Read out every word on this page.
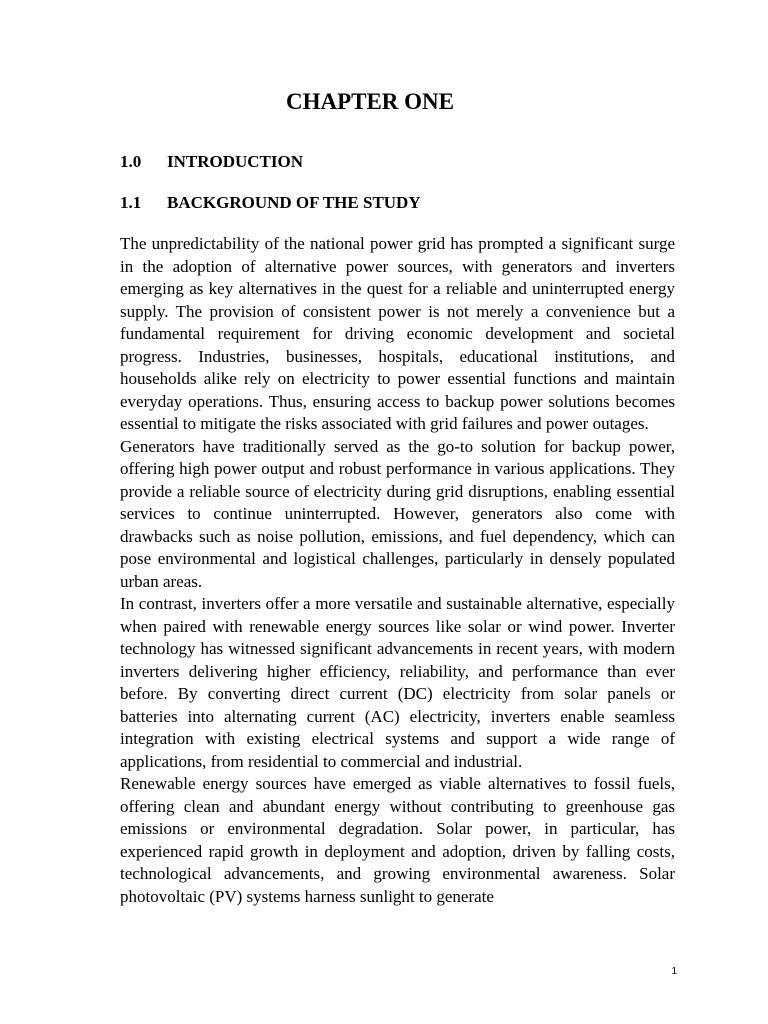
CHAPTER ONE
1.0 INTRODUCTION
1.1 BACKGROUND OF THE STUDY

The unpredictability of the national power grid has prompted a significant surge in the adoption of alternative power sources, with generators and inverters emerging as key alternatives in the quest for a reliable and uninterrupted energy supply. The provision of consistent power is not merely a convenience but a fundamental requirement for driving economic development and societal progress. Industries, businesses, hospitals, educational institutions, and households alike rely on electricity to power essential functions and maintain everyday operations. Thus, ensuring access to backup power solutions becomes essential to mitigate the risks associated with grid failures and power outages.

Generators have traditionally served as the go-to solution for backup power, offering high power output and robust performance in various applications. They provide a reliable source of electricity during grid disruptions, enabling essential services to continue uninterrupted. However, generators also come with drawbacks such as noise pollution, emissions, and fuel dependency, which can pose environmental and logistical challenges, particularly in densely populated urban areas.

In contrast, inverters offer a more versatile and sustainable alternative, especially when paired with renewable energy sources like solar or wind power. Inverter technology has witnessed significant advancements in recent years, with modern inverters delivering higher efficiency, reliability, and performance than ever before. By converting direct current (DC) electricity from solar panels or batteries into alternating current (AC) electricity, inverters enable seamless integration with existing electrical systems and support a wide range of applications, from residential to commercial and industrial.

Renewable energy sources have emerged as viable alternatives to fossil fuels, offering clean and abundant energy without contributing to greenhouse gas emissions or environmental degradation. Solar power, in particular, has experienced rapid growth in deployment and adoption, driven by falling costs, technological advancements, and growing environmental awareness. Solar photovoltaic (PV) systems harness sunlight to generate

1
